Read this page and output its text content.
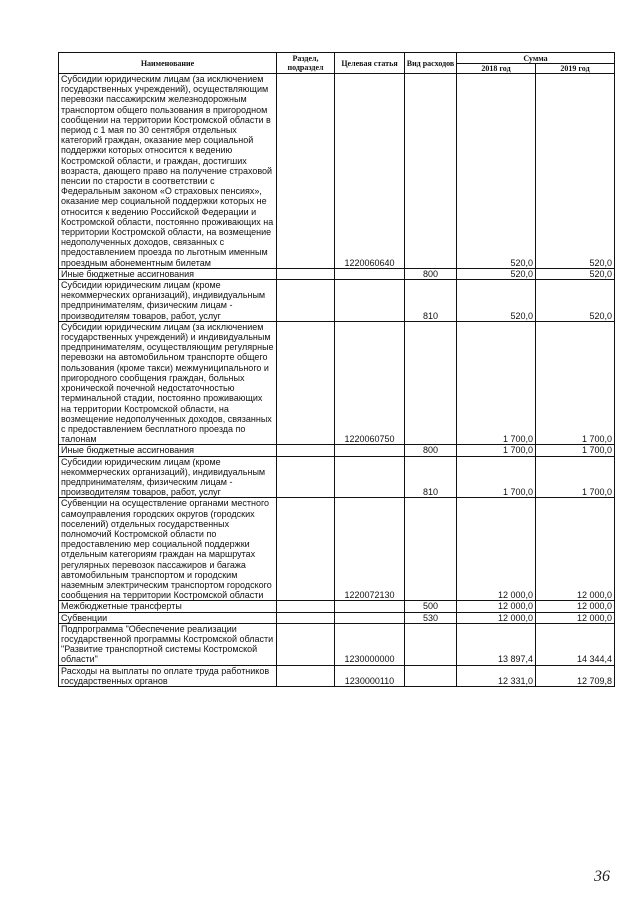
Наименование	Раздел, подраздел	Целевая статья	Вид расходов	Сумма	
				2018 год	2019 год
Субсидии юридическим лицам (за исключением государственных учреждений), осуществляющим перевозки пассажирским железнодорожным транспортом общего пользования в пригородном сообщении на территории Костромской области в период с 1 мая по 30 сентября отдельных категорий граждан, оказание мер социальной поддержки которых относится к ведению Костромской области, и граждан, достигших возраста, дающего право на получение страховой пенсии по старости в соответствии с Федеральным законом «О страховых пенсиях», оказание мер социальной поддержки которых не относится к ведению Российской Федерации и Костромской области, постоянно проживающих на территории Костромской области, на возмещение недополученных доходов, связанных с предоставлением проезда по льготным именным проездным абонементным билетам		1220060640		520,0	520,0
Иные бюджетные ассигнования			800	520,0	520,0
Субсидии юридическим лицам (кроме некоммерческих организаций), индивидуальным предпринимателям, физическим лицам - производителям товаров, работ, услуг			810	520,0	520,0
Субсидии юридическим лицам (за исключением государственных учреждений) и индивидуальным предпринимателям, осуществляющим регулярные перевозки на автомобильном транспорте общего пользования (кроме такси) межмуниципального и пригородного сообщения граждан, больных хронической почечной недостаточностью терминальной стадии, постоянно проживающих на территории Костромской области, на возмещение недополученных доходов, связанных с предоставлением бесплатного проезда по талонам		1220060750		1 700,0	1 700,0
Иные бюджетные ассигнования			800	1 700,0	1 700,0
Субсидии юридическим лицам (кроме некоммерческих организаций), индивидуальным предпринимателям, физическим лицам - производителям товаров, работ, услуг			810	1 700,0	1 700,0
Субвенции на осуществление органами местного самоуправления городских округов (городских поселений) отдельных государственных полномочий Костромской области по предоставлению мер социальной поддержки отдельным категориям граждан на маршрутах регулярных перевозок пассажиров и багажа автомобильным транспортом и городским наземным электрическим транспортом городского сообщения на территории Костромской области		1220072130		12 000,0	12 000,0
Межбюджетные трансферты			500	12 000,0	12 000,0
Субвенции			530	12 000,0	12 000,0
Подпрограмма "Обеспечение реализации государственной программы Костромской области "Развитие транспортной системы Костромской области"		1230000000		13 897,4	14 344,4
Расходы на выплаты по оплате труда работников государственных органов		1230000110		12 331,0	12 709,8
36
